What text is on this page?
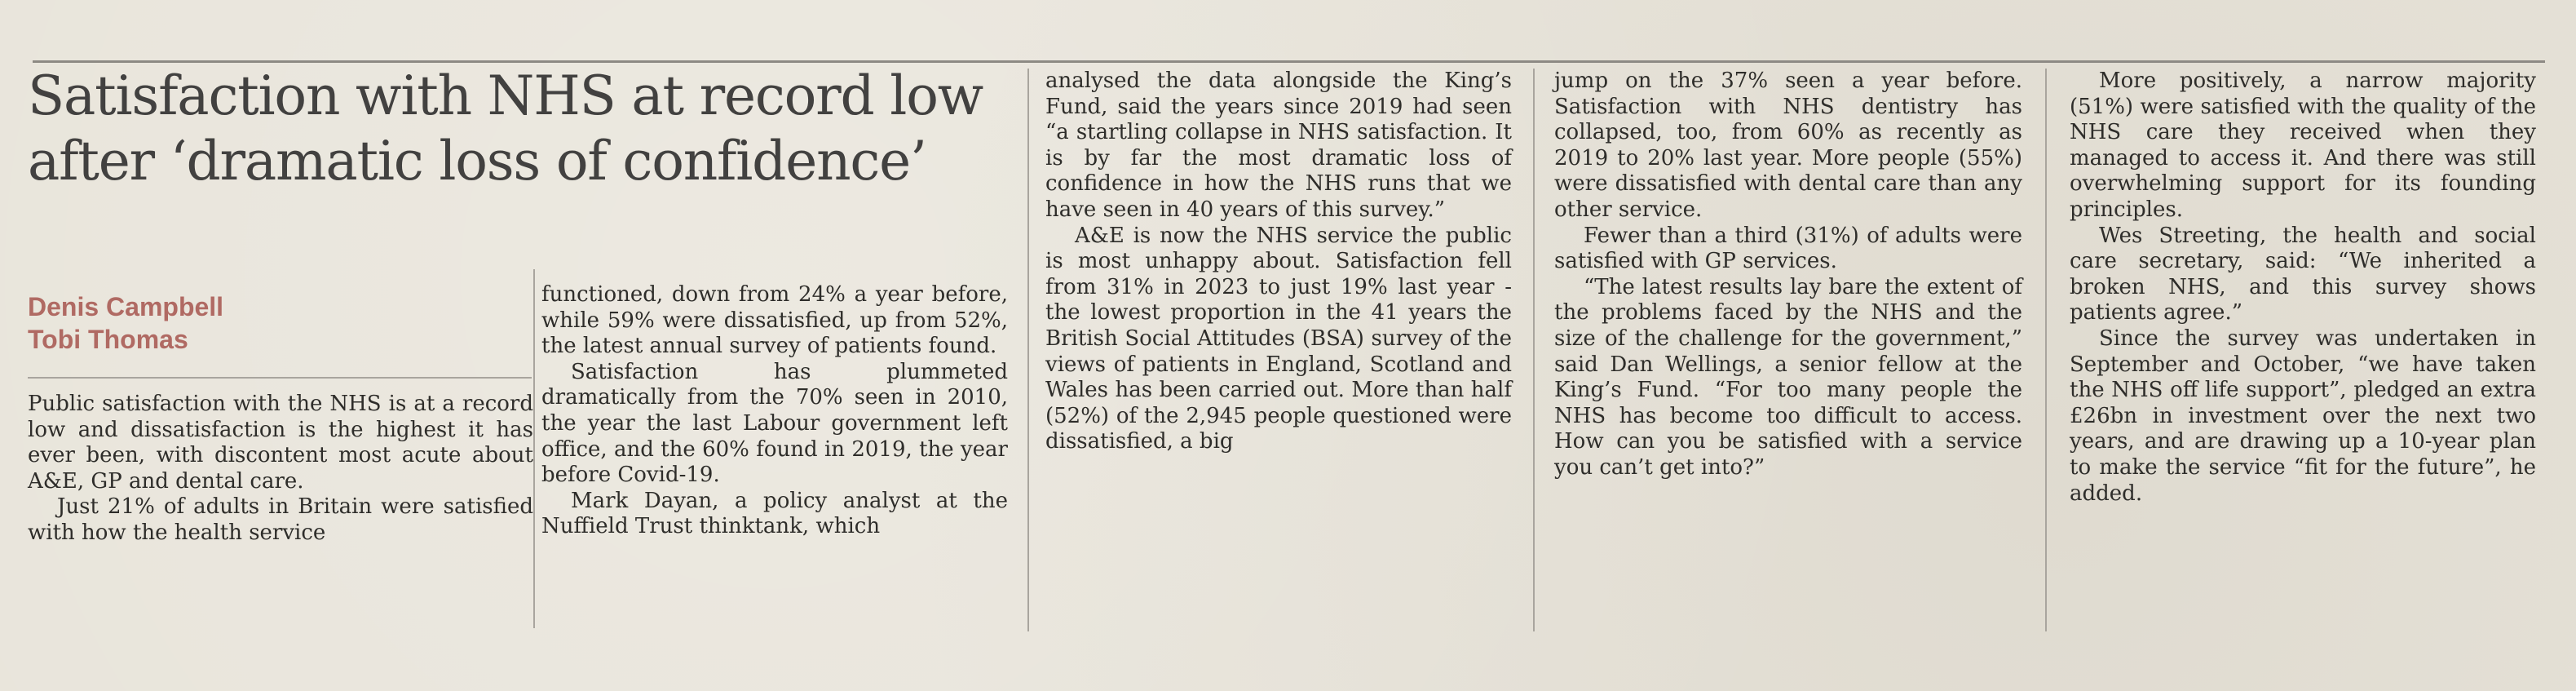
Satisfaction with NHS at record low after ‘dramatic loss of confidence’
Denis Campbell
Tobi Thomas

Public satisfaction with the NHS is at a record low and dissatisfaction is the highest it has ever been, with discontent most acute about A&E, GP and dental care.

Just 21% of adults in Britain were satisfied with how the health service

functioned, down from 24% a year before, while 59% were dissatisfied, up from 52%, the latest annual survey of patients found.

Satisfaction has plummeted dramatically from the 70% seen in 2010, the year the last Labour government left office, and the 60% found in 2019, the year before Covid-19.

Mark Dayan, a policy analyst at the Nuffield Trust thinktank, which

analysed the data alongside the King’s Fund, said the years since 2019 had seen “a startling collapse in NHS satisfaction. It is by far the most dramatic loss of confidence in how the NHS runs that we have seen in 40 years of this survey.”

A&E is now the NHS service the public is most unhappy about. Satisfaction fell from 31% in 2023 to just 19% last year - the lowest proportion in the 41 years the British Social Attitudes (BSA) survey of the views of patients in England, Scotland and Wales has been carried out. More than half (52%) of the 2,945 people questioned were dissatisfied, a big

jump on the 37% seen a year before. Satisfaction with NHS dentistry has collapsed, too, from 60% as recently as 2019 to 20% last year. More people (55%) were dissatisfied with dental care than any other service.

Fewer than a third (31%) of adults were satisfied with GP services.

“The latest results lay bare the extent of the problems faced by the NHS and the size of the challenge for the government,” said Dan Wellings, a senior fellow at the King’s Fund. “For too many people the NHS has become too difficult to access. How can you be satisfied with a service you can’t get into?”

More positively, a narrow majority (51%) were satisfied with the quality of the NHS care they received when they managed to access it. And there was still overwhelming support for its founding principles.

Wes Streeting, the health and social care secretary, said: “We inherited a broken NHS, and this survey shows patients agree.”

Since the survey was undertaken in September and October, “we have taken the NHS off life support”, pledged an extra £26bn in investment over the next two years, and are drawing up a 10-year plan to make the service “fit for the future”, he added.
